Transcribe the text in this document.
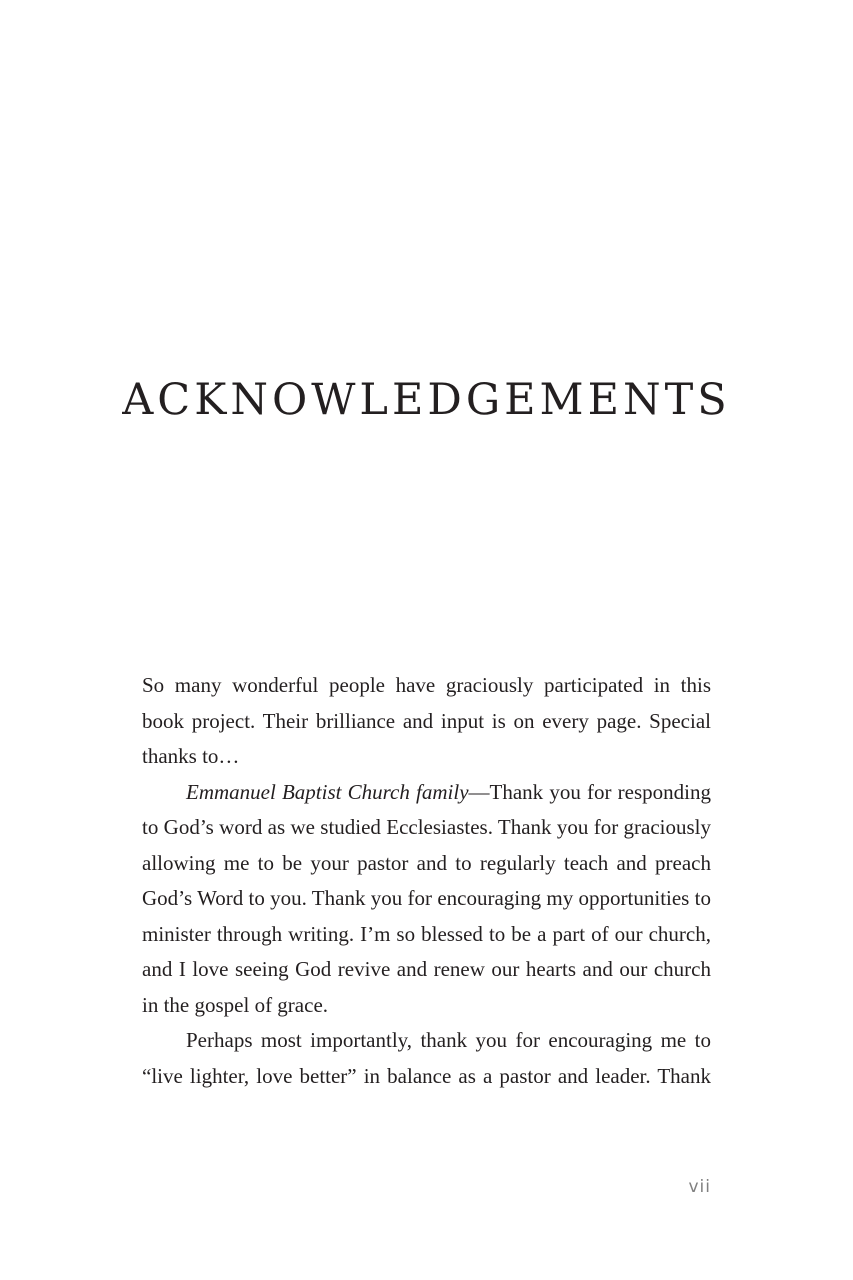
ACKNOWLEDGEMENTS

So many wonderful people have graciously participated in this book project. Their brilliance and input is on every page. Special thanks to…

Emmanuel Baptist Church family—Thank you for responding to God’s word as we studied Ecclesiastes. Thank you for graciously allowing me to be your pastor and to regularly teach and preach God’s Word to you. Thank you for encouraging my opportunities to minister through writing. I’m so blessed to be a part of our church, and I love seeing God revive and renew our hearts and our church in the gospel of grace.

Perhaps most importantly, thank you for encouraging me to “live lighter, love better” in balance as a pastor and leader. Thank

vii
